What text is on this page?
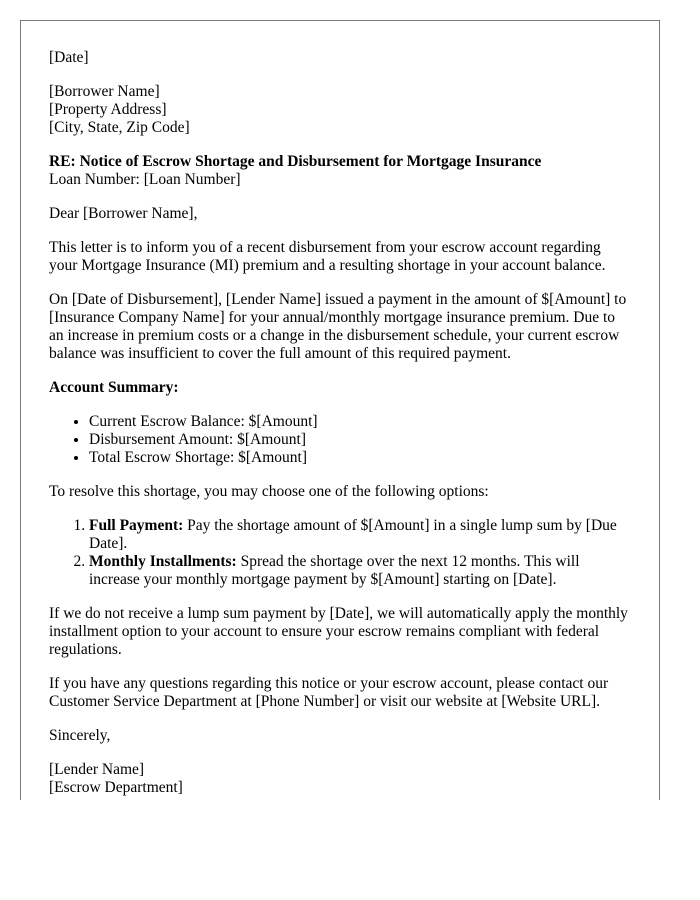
[Date]

[Borrower Name]
[Property Address]
[City, State, Zip Code]

RE: Notice of Escrow Shortage and Disbursement for Mortgage Insurance
Loan Number: [Loan Number]

Dear [Borrower Name],

This letter is to inform you of a recent disbursement from your escrow account regarding your Mortgage Insurance (MI) premium and a resulting shortage in your account balance.

On [Date of Disbursement], [Lender Name] issued a payment in the amount of $[Amount] to [Insurance Company Name] for your annual/monthly mortgage insurance premium. Due to an increase in premium costs or a change in the disbursement schedule, your current escrow balance was insufficient to cover the full amount of this required payment.

Account Summary:

• Current Escrow Balance: $[Amount]
• Disbursement Amount: $[Amount]
• Total Escrow Shortage: $[Amount]

To resolve this shortage, you may choose one of the following options:

1. Full Payment: Pay the shortage amount of $[Amount] in a single lump sum by [Due Date].
2. Monthly Installments: Spread the shortage over the next 12 months. This will increase your monthly mortgage payment by $[Amount] starting on [Date].

If we do not receive a lump sum payment by [Date], we will automatically apply the monthly installment option to your account to ensure your escrow remains compliant with federal regulations.

If you have any questions regarding this notice or your escrow account, please contact our Customer Service Department at [Phone Number] or visit our website at [Website URL].

Sincerely,

[Lender Name]
[Escrow Department]
